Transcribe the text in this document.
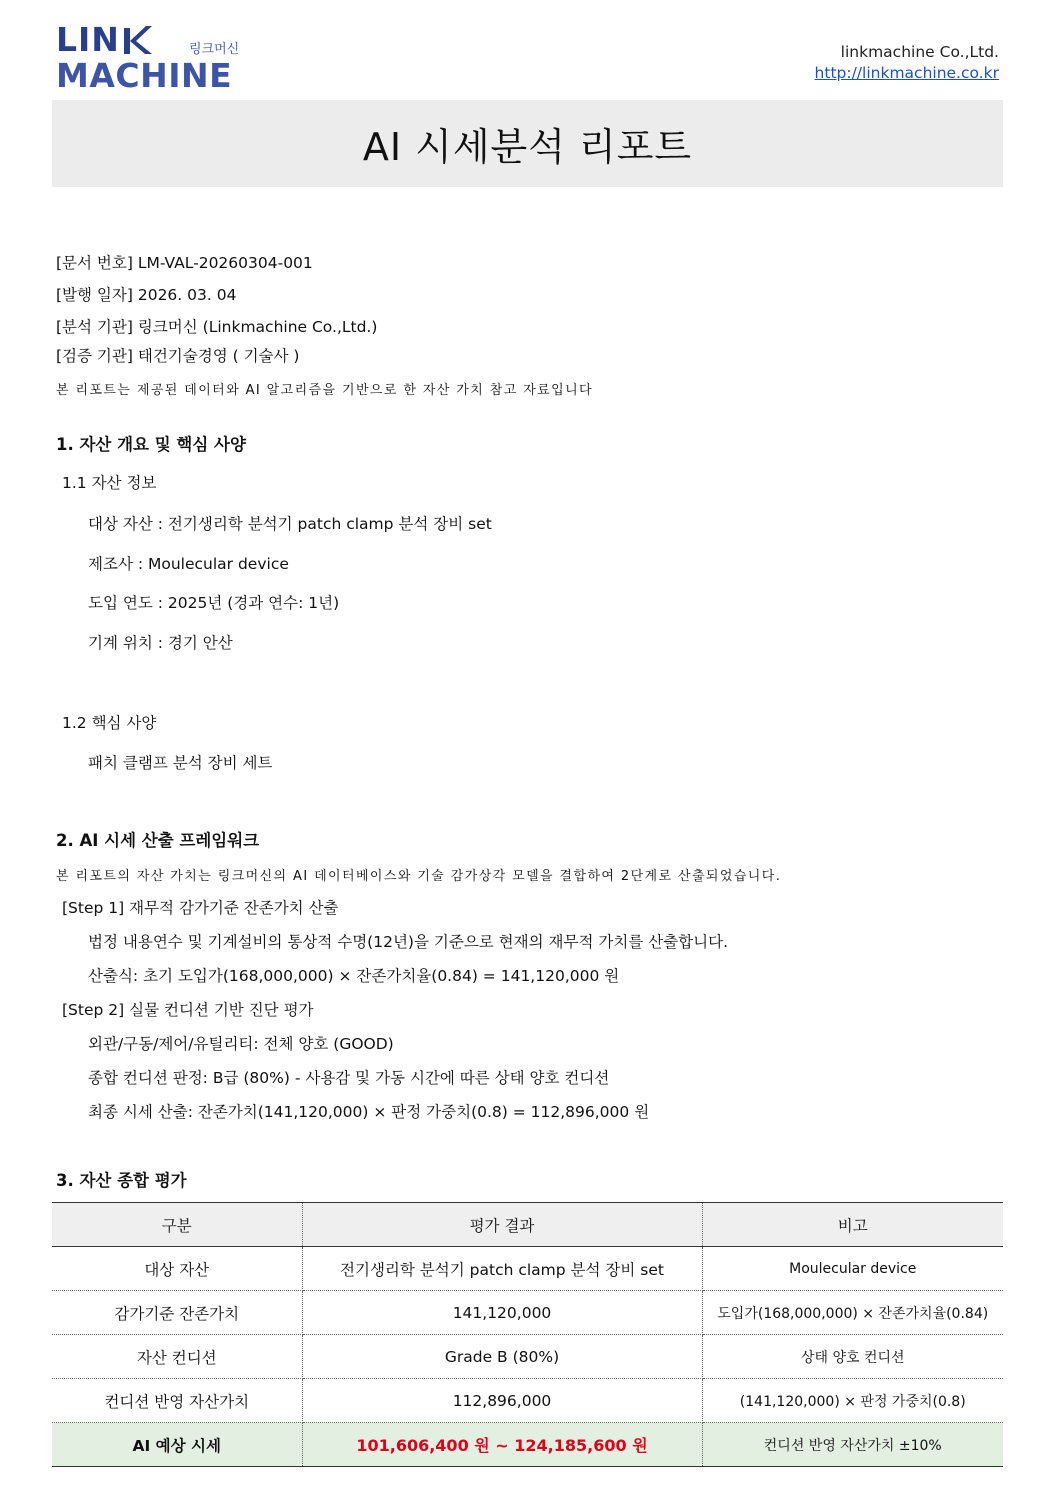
LIN	링크머신
MACHINE
linkmachine Co.,Ltd.
http://linkmachine.co.kr
AI 시세분석 리포트
[문서 번호] LM-VAL-20260304-001
[발행 일자] 2026. 03. 04
[분석 기관] 링크머신 (Linkmachine Co.,Ltd.)
[검증 기관] 태건기술경영 ( 기술사 )
본 리포트는 제공된 데이터와 AI 알고리즘을 기반으로 한 자산 가치 참고 자료입니다
1. 자산 개요 및 핵심 사양
1.1 자산 정보
대상 자산 : 전기생리학 분석기 patch clamp 분석 장비 set
제조사 : Moulecular device
도입 연도 : 2025년 (경과 연수: 1년)
기계 위치 : 경기 안산
1.2 핵심 사양
패치 클램프 분석 장비 세트
2. AI 시세 산출 프레임워크
본 리포트의 자산 가치는 링크머신의 AI 데이터베이스와 기술 감가상각 모델을 결합하여 2단계로 산출되었습니다.
[Step 1] 재무적 감가기준 잔존가치 산출
법정 내용연수 및 기계설비의 통상적 수명(12년)을 기준으로 현재의 재무적 가치를 산출합니다.
산출식: 초기 도입가(168,000,000) × 잔존가치율(0.84) = 141,120,000 원
[Step 2] 실물 컨디션 기반 진단 평가
외관/구동/제어/유틸리티: 전체 양호 (GOOD)
종합 컨디션 판정: B급 (80%) - 사용감 및 가동 시간에 따른 상태 양호 컨디션
최종 시세 산출: 잔존가치(141,120,000) × 판정 가중치(0.8) = 112,896,000 원
3. 자산 종합 평가
구분	평가 결과	비고
대상 자산	전기생리학 분석기 patch clamp 분석 장비 set	Moulecular device
감가기준 잔존가치	141,120,000	도입가(168,000,000) × 잔존가치율(0.84)
자산 컨디션	Grade B (80%)	상태 양호 컨디션
컨디션 반영 자산가치	112,896,000	(141,120,000) × 판정 가중치(0.8)
AI 예상 시세	101,606,400 원 ~ 124,185,600 원	컨디션 반영 자산가치 ±10%
